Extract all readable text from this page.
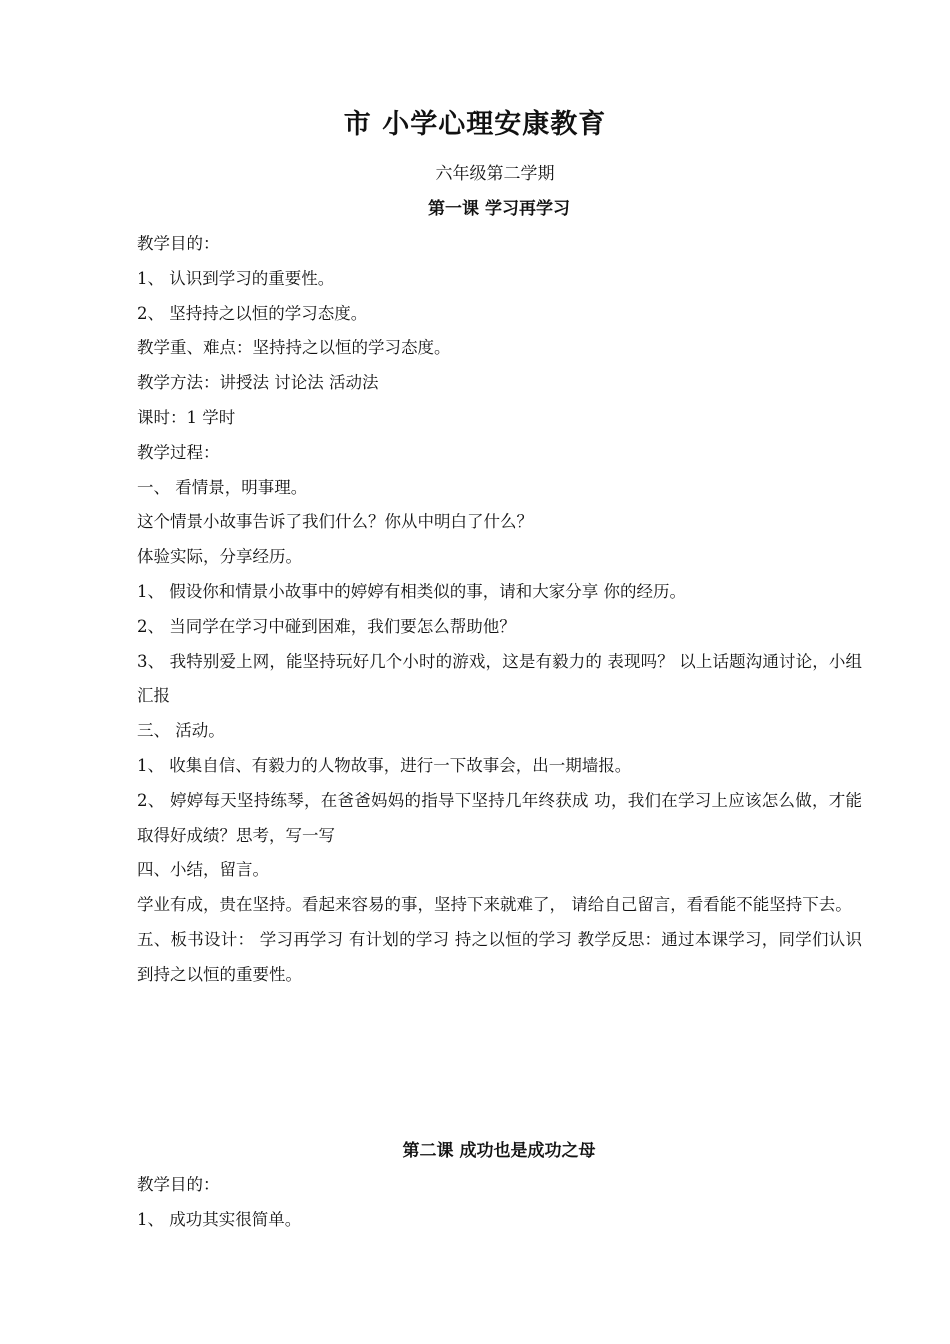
市 小学心理安康教育
六年级第二学期
第一课 学习再学习
教学目的：
1、 认识到学习的重要性。
2、 坚持持之以恒的学习态度。
教学重、难点：坚持持之以恒的学习态度。
教学方法：讲授法 讨论法 活动法
课时：1 学时
教学过程：
一、 看情景，明事理。
这个情景小故事告诉了我们什么？你从中明白了什么？
体验实际，分享经历。
1、 假设你和情景小故事中的婷婷有相类似的事，请和大家分享 你的经历。
2、 当同学在学习中碰到困难，我们要怎么帮助他？
3、 我特别爱上网，能坚持玩好几个小时的游戏，这是有毅力的 表现吗？ 以上话题沟通讨论，小组汇报
三、 活动。
1、 收集自信、有毅力的人物故事，进行一下故事会，出一期墙报。
2、 婷婷每天坚持练琴，在爸爸妈妈的指导下坚持几年终获成 功，我们在学习上应该怎么做，才能取得好成绩？思考，写一写
四、小结，留言。
学业有成，贵在坚持。看起来容易的事，坚持下来就难了， 请给自己留言，看看能不能坚持下去。
五、板书设计： 学习再学习 有计划的学习 持之以恒的学习 教学反思：通过本课学习，同学们认识到持之以恒的重要性。
第二课 成功也是成功之母
教学目的：
1、 成功其实很简单。
